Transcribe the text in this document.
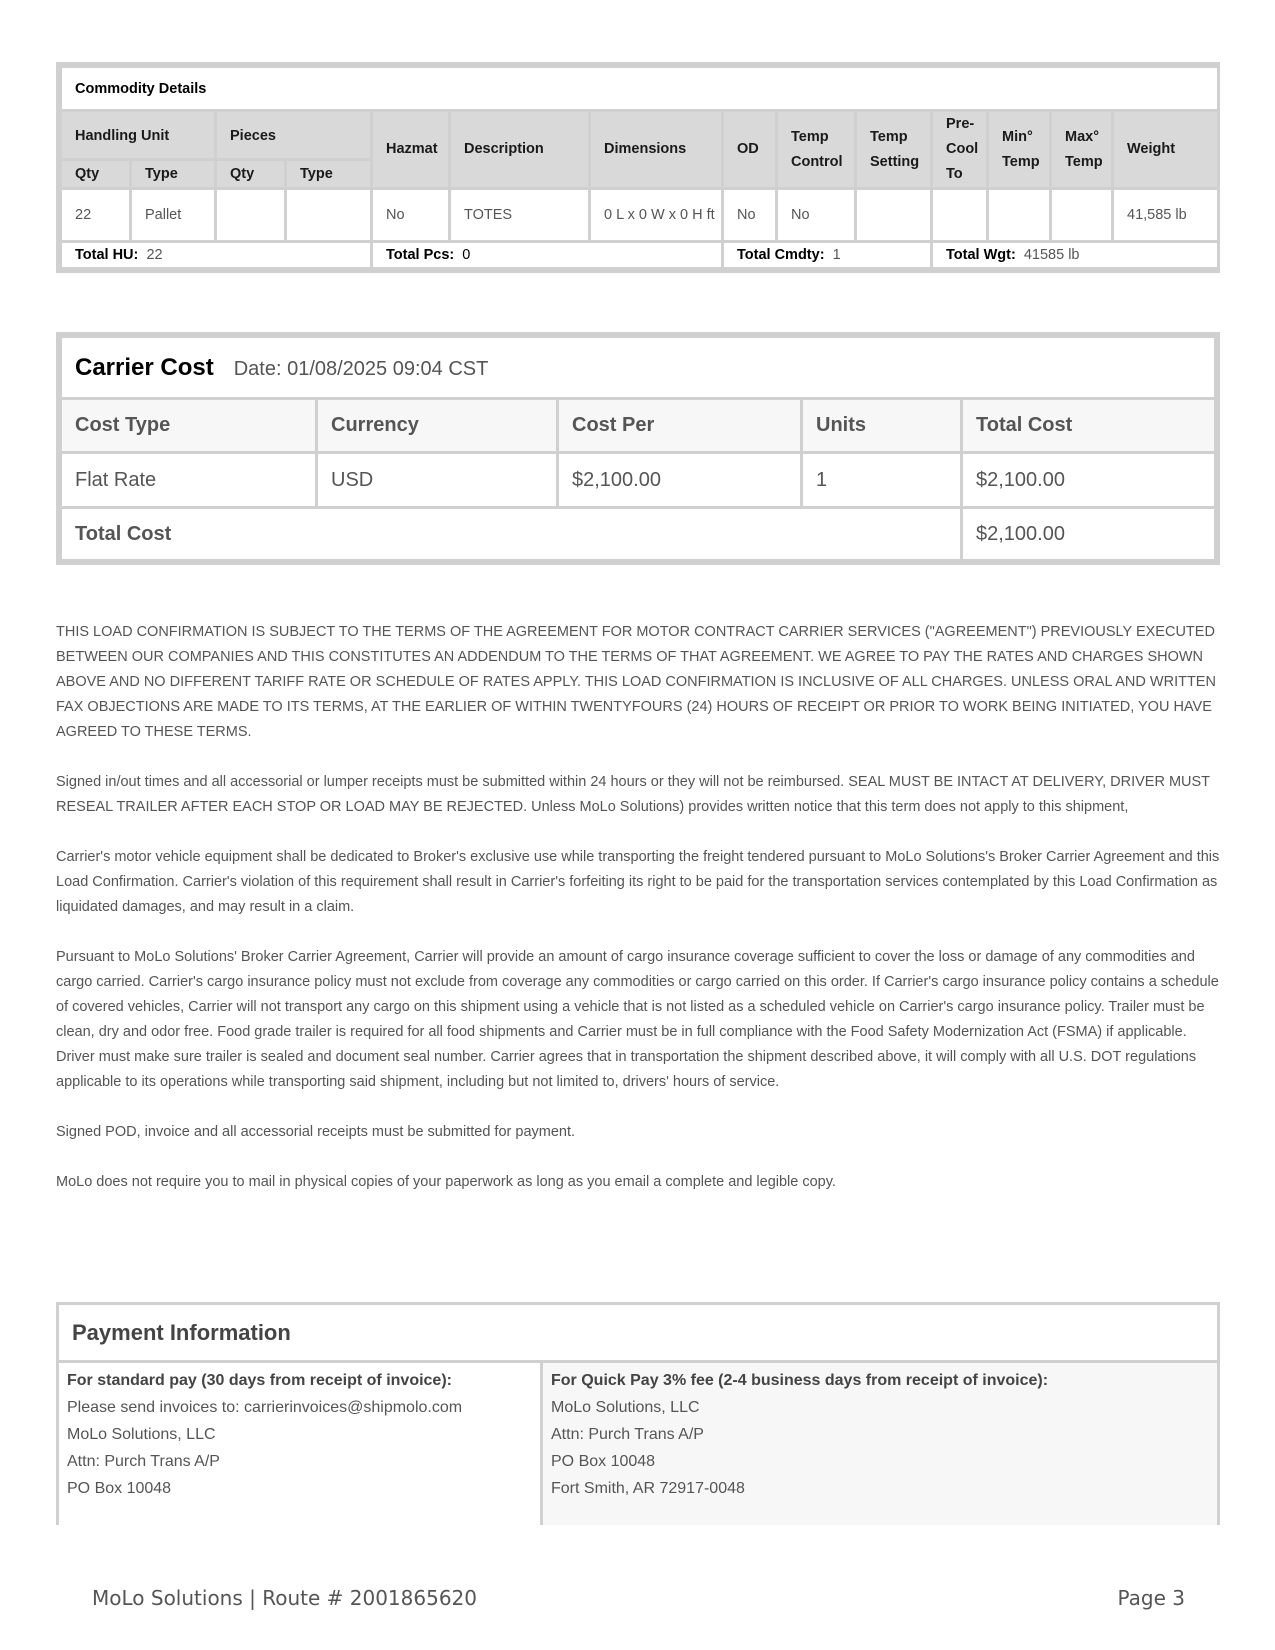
Commodity Details													
Handling Unit		Pieces		Hazmat	Description	Dimensions	OD	Temp Control	Temp Setting	Pre-Cool To	Min° Temp	Max° Temp	Weight
Qty	Type	Qty	Type										
22	Pallet			No	TOTES	0 L x 0 W x 0 H ft	No	No					41,585 lb
Total HU: 22				Total Pcs: 0			Total Cmdty: 1			Total Wgt: 41585 lb			
Carrier Cost Date: 01/08/2025 09:04 CST				
Cost Type	Currency	Cost Per	Units	Total Cost
Flat Rate	USD	$2,100.00	1	$2,100.00
Total Cost				$2,100.00

THIS LOAD CONFIRMATION IS SUBJECT TO THE TERMS OF THE AGREEMENT FOR MOTOR CONTRACT CARRIER SERVICES ("AGREEMENT") PREVIOUSLY EXECUTED BETWEEN OUR COMPANIES AND THIS CONSTITUTES AN ADDENDUM TO THE TERMS OF THAT AGREEMENT. WE AGREE TO PAY THE RATES AND CHARGES SHOWN ABOVE AND NO DIFFERENT TARIFF RATE OR SCHEDULE OF RATES APPLY. THIS LOAD CONFIRMATION IS INCLUSIVE OF ALL CHARGES. UNLESS ORAL AND WRITTEN FAX OBJECTIONS ARE MADE TO ITS TERMS, AT THE EARLIER OF WITHIN TWENTYFOURS (24) HOURS OF RECEIPT OR PRIOR TO WORK BEING INITIATED, YOU HAVE AGREED TO THESE TERMS.

Signed in/out times and all accessorial or lumper receipts must be submitted within 24 hours or they will not be reimbursed. SEAL MUST BE INTACT AT DELIVERY, DRIVER MUST RESEAL TRAILER AFTER EACH STOP OR LOAD MAY BE REJECTED. Unless MoLo Solutions) provides written notice that this term does not apply to this shipment,

Carrier's motor vehicle equipment shall be dedicated to Broker's exclusive use while transporting the freight tendered pursuant to MoLo Solutions's Broker Carrier Agreement and this Load Confirmation. Carrier's violation of this requirement shall result in Carrier's forfeiting its right to be paid for the transportation services contemplated by this Load Confirmation as liquidated damages, and may result in a claim.

Pursuant to MoLo Solutions' Broker Carrier Agreement, Carrier will provide an amount of cargo insurance coverage sufficient to cover the loss or damage of any commodities and cargo carried. Carrier's cargo insurance policy must not exclude from coverage any commodities or cargo carried on this order. If Carrier's cargo insurance policy contains a schedule of covered vehicles, Carrier will not transport any cargo on this shipment using a vehicle that is not listed as a scheduled vehicle on Carrier's cargo insurance policy. Trailer must be clean, dry and odor free. Food grade trailer is required for all food shipments and Carrier must be in full compliance with the Food Safety Modernization Act (FSMA) if applicable. Driver must make sure trailer is sealed and document seal number. Carrier agrees that in transportation the shipment described above, it will comply with all U.S. DOT regulations applicable to its operations while transporting said shipment, including but not limited to, drivers' hours of service.

Signed POD, invoice and all accessorial receipts must be submitted for payment.

MoLo does not require you to mail in physical copies of your paperwork as long as you email a complete and legible copy.

Payment Information
For standard pay (30 days from receipt of invoice):
Please send invoices to: carrierinvoices@shipmolo.com
MoLo Solutions, LLC
Attn: Purch Trans A/P
PO Box 10048
For Quick Pay 3% fee (2-4 business days from receipt of invoice):
MoLo Solutions, LLC
Attn: Purch Trans A/P
PO Box 10048
Fort Smith, AR 72917-0048
MoLo Solutions | Route # 2001865620	Page 3
